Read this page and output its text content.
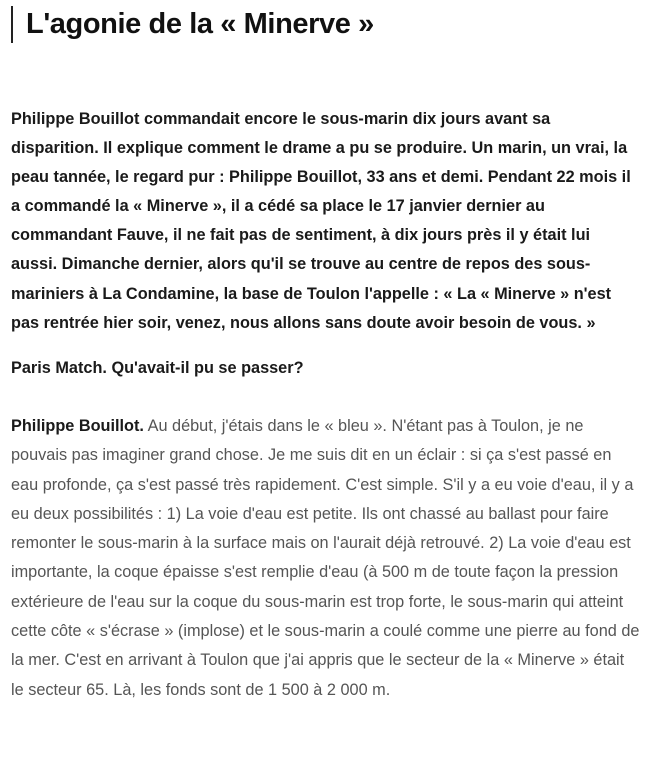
L'agonie de la « Minerve »

Philippe Bouillot commandait encore le sous-marin dix jours avant sa disparition. Il explique comment le drame a pu se produire. Un marin, un vrai, la peau tannée, le regard pur : Philippe Bouillot, 33 ans et demi. Pendant 22 mois il a commandé la « Minerve », il a cédé sa place le 17 janvier dernier au commandant Fauve, il ne fait pas de sentiment, à dix jours près il y était lui aussi. Dimanche dernier, alors qu'il se trouve au centre de repos des sous-mariniers à La Condamine, la base de Toulon l'appelle : « La « Minerve » n'est pas rentrée hier soir, venez, nous allons sans doute avoir besoin de vous. »

Paris Match. Qu'avait-il pu se passer?

Philippe Bouillot. Au début, j'étais dans le « bleu ». N'étant pas à Toulon, je ne pouvais pas imaginer grand chose. Je me suis dit en un éclair : si ça s'est passé en eau profonde, ça s'est passé très rapidement. C'est simple. S'il y a eu voie d'eau, il y a eu deux possibilités : 1) La voie d'eau est petite. Ils ont chassé au ballast pour faire remonter le sous-marin à la surface mais on l'aurait déjà retrouvé. 2) La voie d'eau est importante, la coque épaisse s'est remplie d'eau (à 500 m de toute façon la pression extérieure de l'eau sur la coque du sous-marin est trop forte, le sous-marin qui atteint cette côte « s'écrase » (implose) et le sous-marin a coulé comme une pierre au fond de la mer. C'est en arrivant à Toulon que j'ai appris que le secteur de la « Minerve » était le secteur 65. Là, les fonds sont de 1 500 à 2 000 m.
